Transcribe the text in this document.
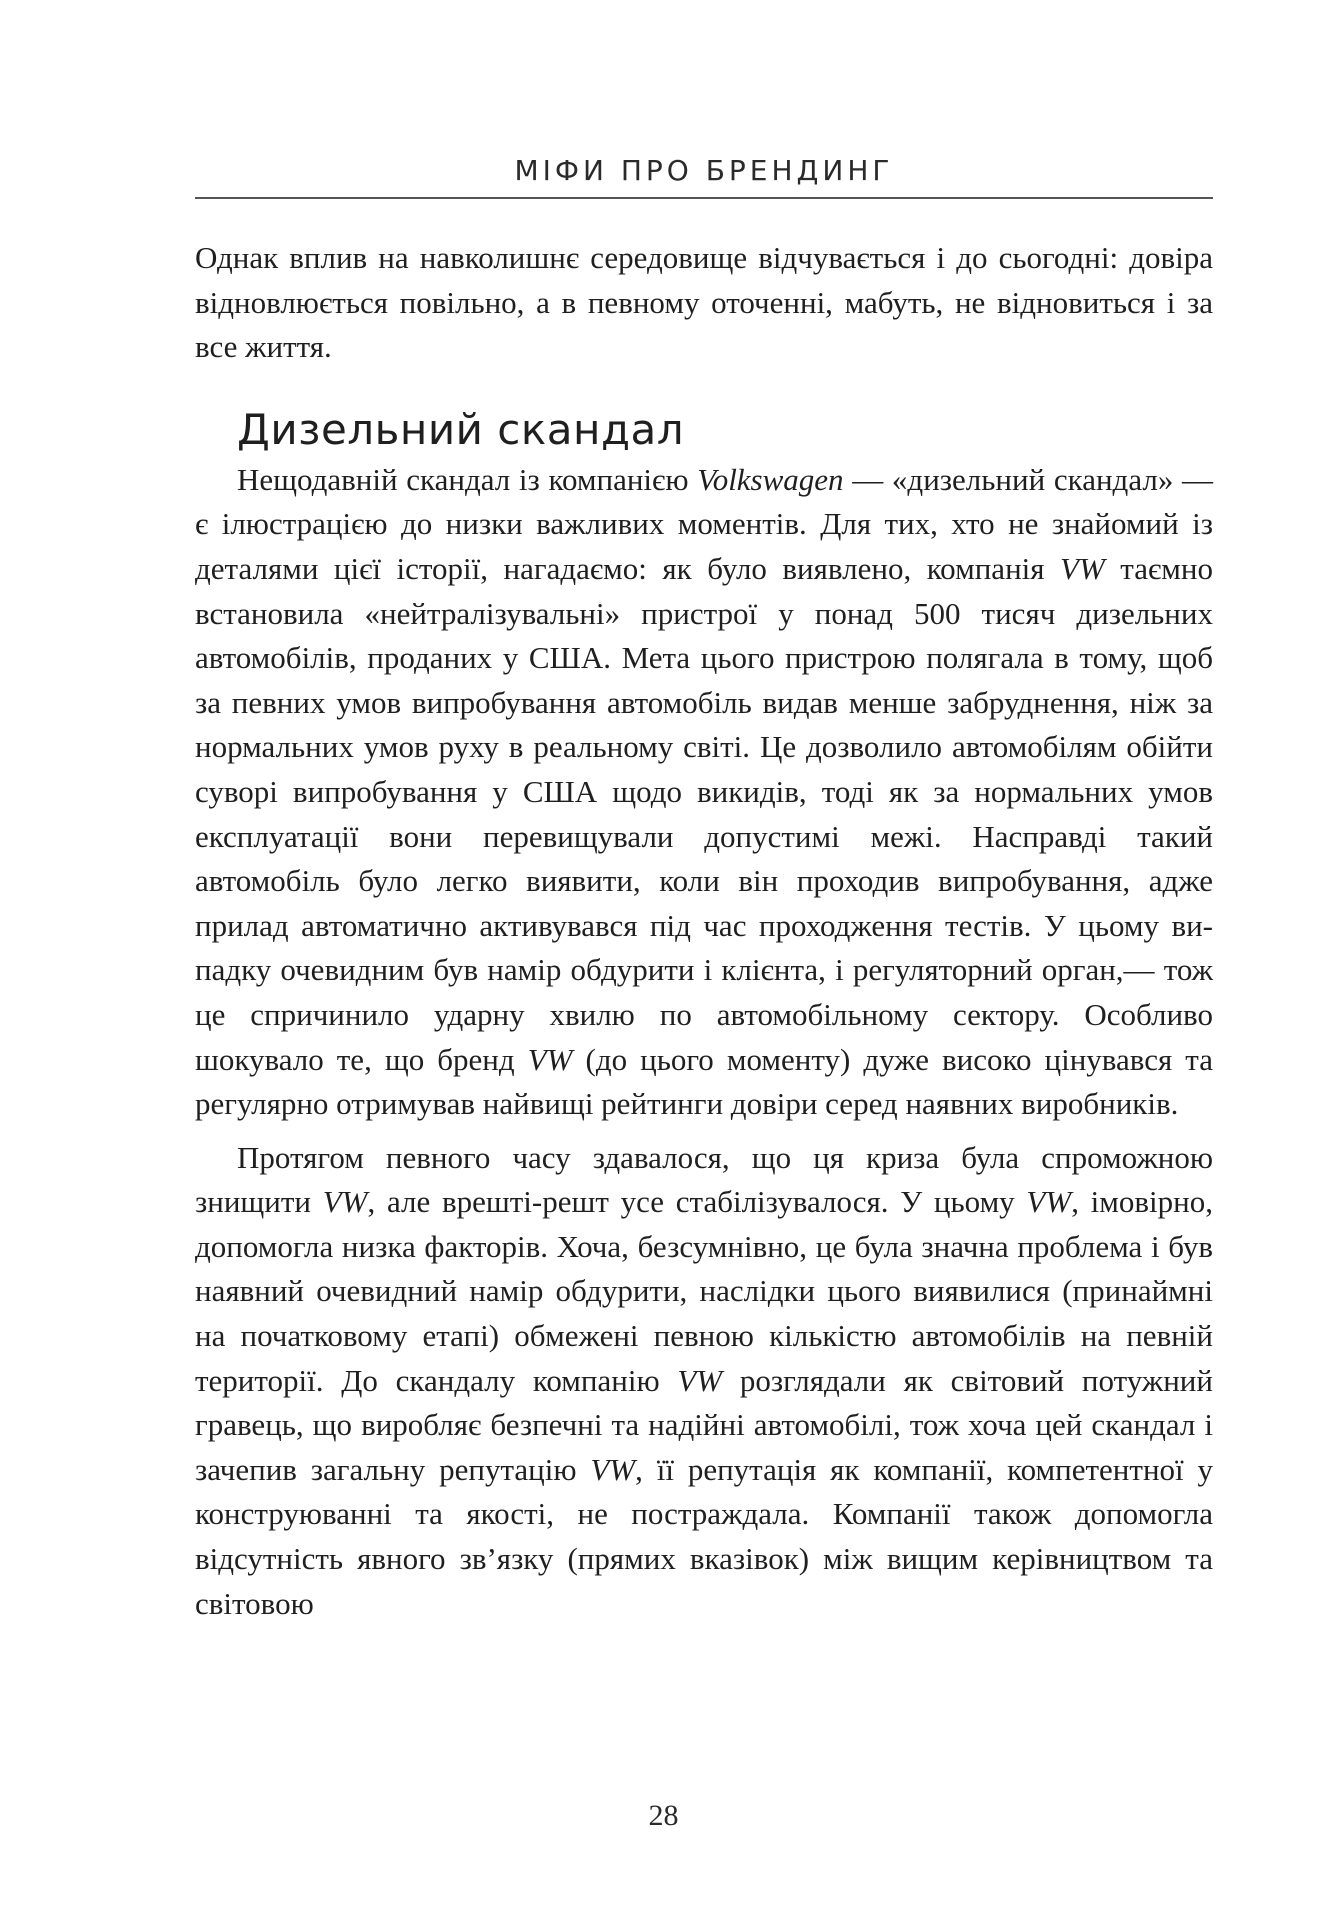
МІФИ ПРО БРЕНДИНГ

Однак вплив на навколишнє середовище відчувається і до сьогодні: довіра відновлюється повільно, а в певному оточенні, мабуть, не відновиться і за все життя.

Дизельний скандал

Нещодавній скандал із компанією Volkswagen — «дизельний скандал» — є ілюстрацією до низки важливих моментів. Для тих, хто не знайомий із деталями цієї історії, нагадаємо: як було виявлено, компанія VW таємно встановила «нейтралізувальні» пристрої у понад 500 тисяч дизельних автомобілів, проданих у США. Мета цього пристрою полягала в тому, щоб за певних умов випробування автомобіль видав менше забруднення, ніж за нормальних умов руху в реальному світі. Це дозволило автомобілям обійти суворі випробування у США щодо викидів, тоді як за нормальних умов експлуатації вони перевищували допустимі межі. Насправді такий автомобіль було легко виявити, коли він проходив випробування, адже прилад автоматично активувався під час проходження тестів. У цьому випадку очевидним був намір обдурити і клієнта, і регуляторний орган,— тож це спричинило ударну хвилю по автомобільному сектору. Особливо шокувало те, що бренд VW (до цього моменту) дуже високо цінувався та регулярно отримував найвищі рейтинги довіри серед наявних виробників.

Протягом певного часу здавалося, що ця криза була спроможною знищити VW, але врешті-решт усе стабілізувалося. У цьому VW, імовірно, допомогла низка факторів. Хоча, безсумнівно, це була значна проблема і був наявний очевидний намір обдурити, наслідки цього виявилися (принаймні на початковому етапі) обмежені певною кількістю автомобілів на певній території. До скандалу компанію VW розглядали як світовий потужний гравець, що виробляє безпечні та надійні автомобілі, тож хоча цей скандал і зачепив загальну репутацію VW, її репутація як компанії, компетентної у конструюванні та якості, не постраждала. Компанії також допомогла відсутність явного зв’язку (прямих вказівок) між вищим керівництвом та світовою

28
